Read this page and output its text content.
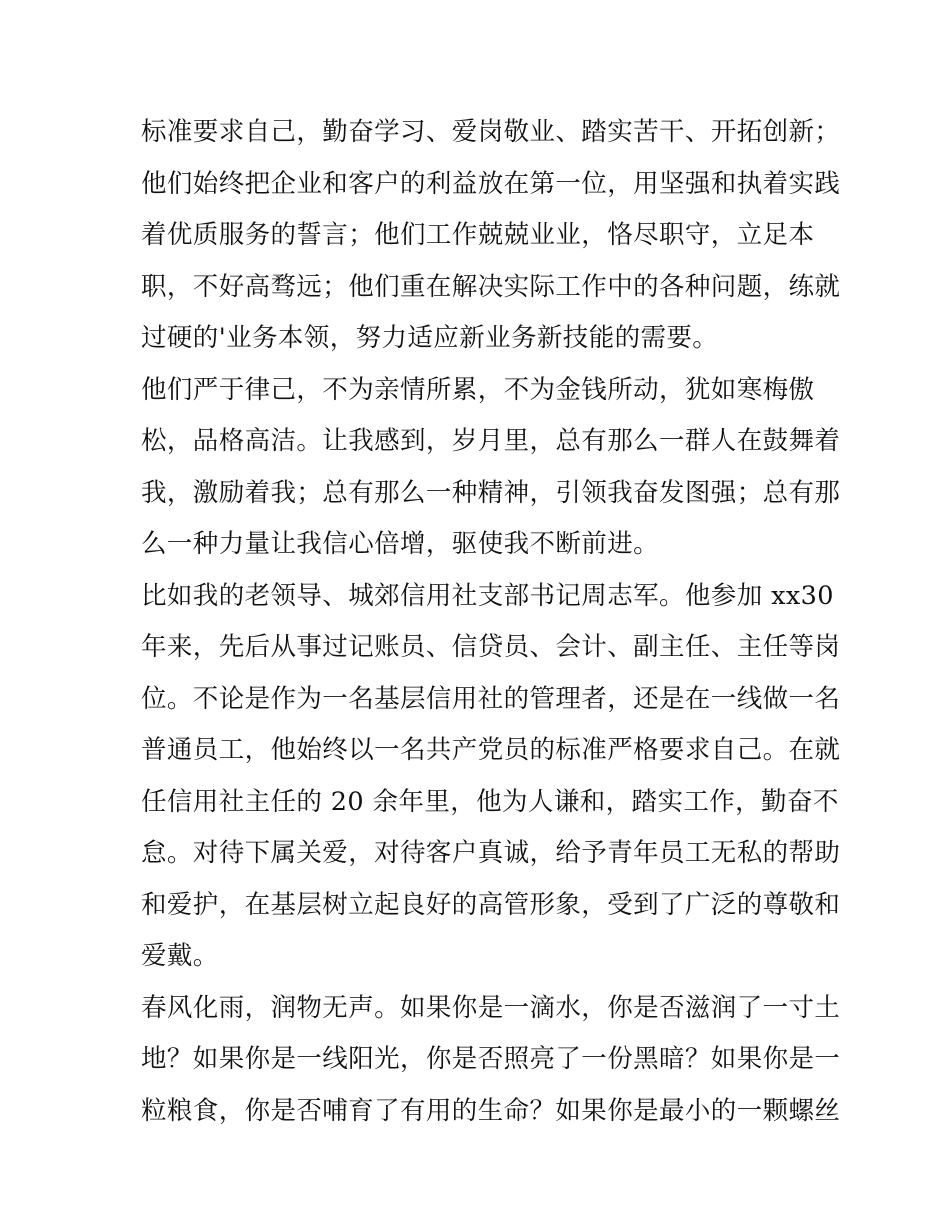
标准要求自己，勤奋学习、爱岗敬业、踏实苦干、开拓创新；
他们始终把企业和客户的利益放在第一位，用坚强和执着实践
着优质服务的誓言；他们工作兢兢业业，恪尽职守，立足本
职，不好高骛远；他们重在解决实际工作中的各种问题，练就
过硬的'业务本领，努力适应新业务新技能的需要。
他们严于律己，不为亲情所累，不为金钱所动，犹如寒梅傲
松，品格高洁。让我感到，岁月里，总有那么一群人在鼓舞着
我，激励着我；总有那么一种精神，引领我奋发图强；总有那
么一种力量让我信心倍增，驱使我不断前进。
比如我的老领导、城郊信用社支部书记周志军。他参加 xx30
年来，先后从事过记账员、信贷员、会计、副主任、主任等岗
位。不论是作为一名基层信用社的管理者，还是在一线做一名
普通员工，他始终以一名共产党员的标准严格要求自己。在就
任信用社主任的 20 余年里，他为人谦和，踏实工作，勤奋不
怠。对待下属关爱，对待客户真诚，给予青年员工无私的帮助
和爱护，在基层树立起良好的高管形象，受到了广泛的尊敬和
爱戴。
春风化雨，润物无声。如果你是一滴水，你是否滋润了一寸土
地？如果你是一线阳光，你是否照亮了一份黑暗？如果你是一
粒粮食，你是否哺育了有用的生命？如果你是最小的一颗螺丝
